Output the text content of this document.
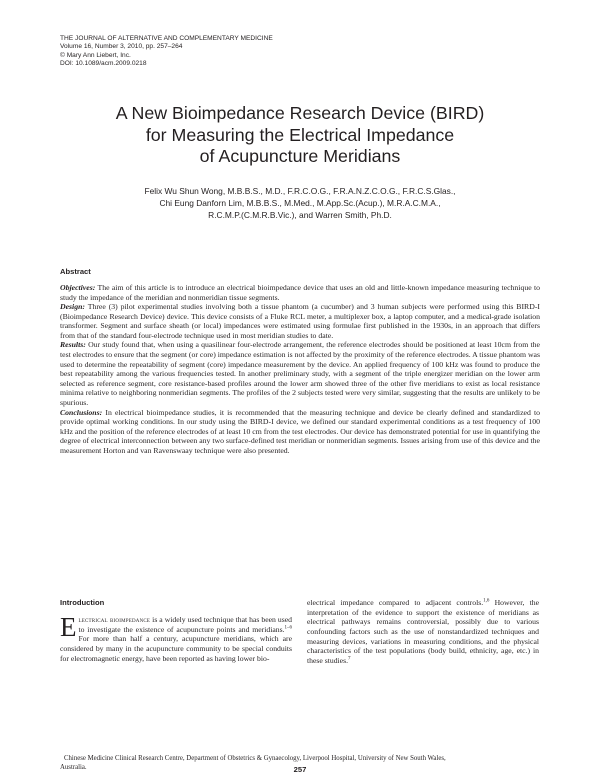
THE JOURNAL OF ALTERNATIVE AND COMPLEMENTARY MEDICINE
Volume 16, Number 3, 2010, pp. 257–264
© Mary Ann Liebert, Inc.
DOI: 10.1089/acm.2009.0218
A New Bioimpedance Research Device (BIRD)
for Measuring the Electrical Impedance
of Acupuncture Meridians
Felix Wu Shun Wong, M.B.B.S., M.D., F.R.C.O.G., F.R.A.N.Z.C.O.G., F.R.C.S.Glas.,
Chi Eung Danforn Lim, M.B.B.S., M.Med., M.App.Sc.(Acup.), M.R.A.C.M.A.,
R.C.M.P.(C.M.R.B.Vic.), and Warren Smith, Ph.D.
Abstract

Objectives: The aim of this article is to introduce an electrical bioimpedance device that uses an old and little-known impedance measuring technique to study the impedance of the meridian and nonmeridian tissue segments.

Design: Three (3) pilot experimental studies involving both a tissue phantom (a cucumber) and 3 human subjects were performed using this BIRD-I (Bioimpedance Research Device) device. This device consists of a Fluke RCL meter, a multiplexer box, a laptop computer, and a medical-grade isolation transformer. Segment and surface sheath (or local) impedances were estimated using formulae first published in the 1930s, in an approach that differs from that of the standard four-electrode technique used in most meridian studies to date.

Results: Our study found that, when using a quasilinear four-electrode arrangement, the reference electrodes should be positioned at least 10cm from the test electrodes to ensure that the segment (or core) impedance estimation is not affected by the proximity of the reference electrodes. A tissue phantom was used to determine the repeatability of segment (core) impedance measurement by the device. An applied frequency of 100 kHz was found to produce the best repeatability among the various frequencies tested. In another preliminary study, with a segment of the triple energizer meridian on the lower arm selected as reference segment, core resistance-based profiles around the lower arm showed three of the other five meridians to exist as local resistance minima relative to neighboring nonmeridian segments. The profiles of the 2 subjects tested were very similar, suggesting that the results are unlikely to be spurious.

Conclusions: In electrical bioimpedance studies, it is recommended that the measuring technique and device be clearly defined and standardized to provide optimal working conditions. In our study using the BIRD-I device, we defined our standard experimental conditions as a test frequency of 100 kHz and the position of the reference electrodes of at least 10 cm from the test electrodes. Our device has demonstrated potential for use in quantifying the degree of electrical interconnection between any two surface-defined test meridian or nonmeridian segments. Issues arising from use of this device and the measurement Horton and van Ravenswaay technique were also presented.

Introduction

Electrical bioimpedance is a widely used technique that has been used to investigate the existence of acupuncture points and meridians.$^{1-6}$ For more than half a century, acupuncture meridians, which are considered by many in the acupuncture community to be special conduits for electromagnetic energy, have been reported as having lower bio-

electrical impedance compared to adjacent controls.$^{1,6}$ However, the interpretation of the evidence to support the existence of meridians as electrical pathways remains controversial, possibly due to various confounding factors such as the use of nonstandardized techniques and measuring devices, variations in measuring conditions, and the physical characteristics of the test populations (body build, ethnicity, age, etc.) in these studies.$^7$

Chinese Medicine Clinical Research Centre, Department of Obstetrics & Gynaecology, Liverpool Hospital, University of New South Wales,
Australia.	257
